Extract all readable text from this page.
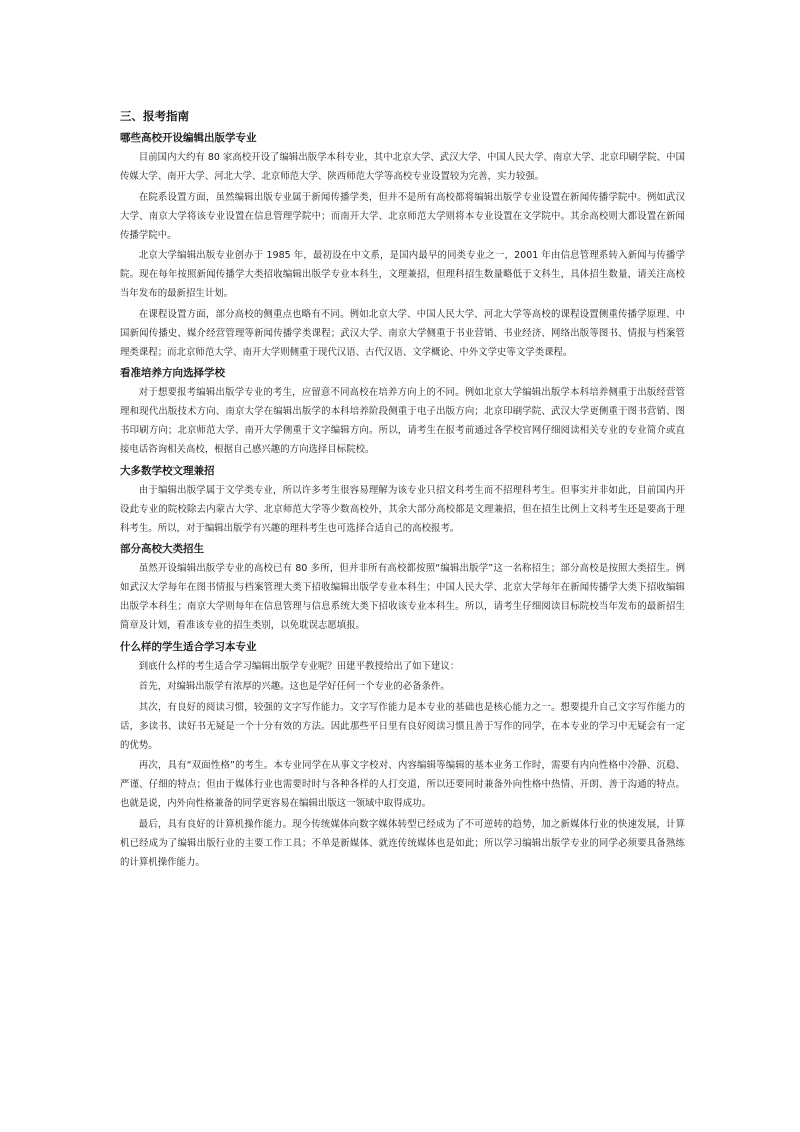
三、报考指南
哪些高校开设编辑出版学专业

目前国内大约有 80 家高校开设了编辑出版学本科专业，其中北京大学、武汉大学、中国人民大学、南京大学、北京印刷学院、中国传媒大学、南开大学、河北大学、北京师范大学、陕西师范大学等高校专业设置较为完善，实力较强。

在院系设置方面，虽然编辑出版专业属于新闻传播学类，但并不是所有高校都将编辑出版学专业设置在新闻传播学院中。例如武汉大学、南京大学将该专业设置在信息管理学院中；而南开大学、北京师范大学则将本专业设置在文学院中。其余高校则大都设置在新闻传播学院中。

北京大学编辑出版专业创办于 1985 年，最初设在中文系，是国内最早的同类专业之一，2001 年由信息管理系转入新闻与传播学院。现在每年按照新闻传播学大类招收编辑出版学专业本科生，文理兼招，但理科招生数量略低于文科生，具体招生数量，请关注高校当年发布的最新招生计划。

在课程设置方面，部分高校的侧重点也略有不同。例如北京大学、中国人民大学、河北大学等高校的课程设置侧重传播学原理、中国新闻传播史、媒介经营管理等新闻传播学类课程；武汉大学、南京大学侧重于书业营销、书业经济、网络出版等图书、情报与档案管理类课程；而北京师范大学、南开大学则侧重于现代汉语、古代汉语、文学概论、中外文学史等文学类课程。

看准培养方向选择学校

对于想要报考编辑出版学专业的考生，应留意不同高校在培养方向上的不同。例如北京大学编辑出版学本科培养侧重于出版经营管理和现代出版技术方向、南京大学在编辑出版学的本科培养阶段侧重于电子出版方向；北京印刷学院、武汉大学更侧重于图书营销、图书印刷方向；北京师范大学、南开大学侧重于文字编辑方向。所以，请考生在报考前通过各学校官网仔细阅读相关专业的专业简介或直接电话咨询相关高校，根据自己感兴趣的方向选择目标院校。

大多数学校文理兼招

由于编辑出版学属于文学类专业，所以许多考生很容易理解为该专业只招文科考生而不招理科考生。但事实并非如此，目前国内开设此专业的院校除去内蒙古大学、北京师范大学等少数高校外，其余大部分高校都是文理兼招，但在招生比例上文科考生还是要高于理科考生。所以，对于编辑出版学有兴趣的理科考生也可选择合适自己的高校报考。

部分高校大类招生

虽然开设编辑出版学专业的高校已有 80 多所，但并非所有高校都按照“编辑出版学”这一名称招生；部分高校是按照大类招生。例如武汉大学每年在图书情报与档案管理大类下招收编辑出版学专业本科生；中国人民大学、北京大学每年在新闻传播学大类下招收编辑出版学本科生；南京大学则每年在信息管理与信息系统大类下招收该专业本科生。所以，请考生仔细阅读目标院校当年发布的最新招生简章及计划，看准该专业的招生类别，以免耽误志愿填报。

什么样的学生适合学习本专业

到底什么样的考生适合学习编辑出版学专业呢？田建平教授给出了如下建议：

首先，对编辑出版学有浓厚的兴趣。这也是学好任何一个专业的必备条件。

其次，有良好的阅读习惯，较强的文字写作能力。文字写作能力是本专业的基础也是核心能力之一。想要提升自己文字写作能力的话，多读书、读好书无疑是一个十分有效的方法。因此那些平日里有良好阅读习惯且善于写作的同学，在本专业的学习中无疑会有一定的优势。

再次，具有“双面性格”的考生。本专业同学在从事文字校对、内容编辑等编辑的基本业务工作时，需要有内向性格中冷静、沉稳、严谨、仔细的特点；但由于媒体行业也需要时时与各种各样的人打交道，所以还要同时兼备外向性格中热情、开朗、善于沟通的特点。也就是说，内外向性格兼备的同学更容易在编辑出版这一领域中取得成功。

最后，具有良好的计算机操作能力。现今传统媒体向数字媒体转型已经成为了不可逆转的趋势，加之新媒体行业的快速发展，计算机已经成为了编辑出版行业的主要工作工具；不单是新媒体、就连传统媒体也是如此；所以学习编辑出版学专业的同学必须要具备熟练的计算机操作能力。
